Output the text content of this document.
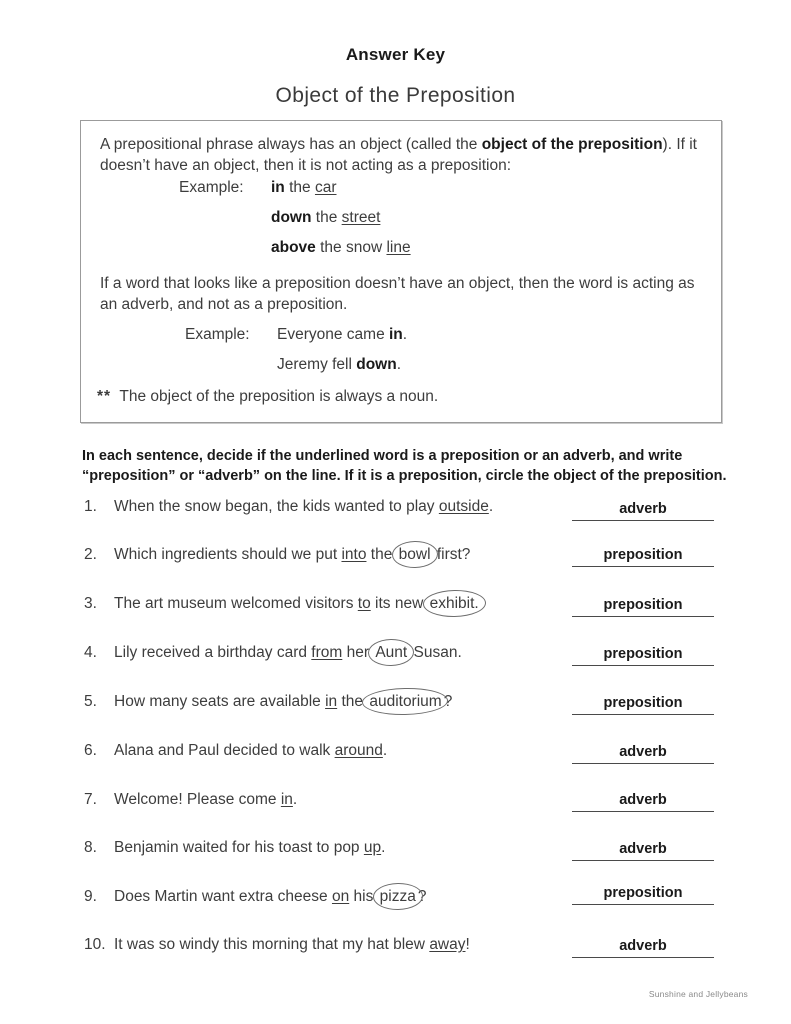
Answer Key
Object of the Preposition
A prepositional phrase always has an object (called the object of the preposition). If it doesn’t have an object, then it is not acting as a preposition:
Example: in the car
down the street
above the snow line
If a word that looks like a preposition doesn’t have an object, then the word is acting as an adverb, and not as a preposition.
Example: Everyone came in.
Jeremy fell down.
** The object of the preposition is always a noun.
In each sentence, decide if the underlined word is a preposition or an adverb, and write “preposition” or “adverb” on the line. If it is a preposition, circle the object of the preposition.
1.	When the snow began, the kids wanted to play outside.	adverb
2.	Which ingredients should we put into the bowl first?	preposition
3.	The art museum welcomed visitors to its new exhibit.	preposition
4.	Lily received a birthday card from her Aunt Susan.	preposition
5.	How many seats are available in the auditorium ?	preposition
6.	Alana and Paul decided to walk around.	adverb
7.	Welcome! Please come in.	adverb
8.	Benjamin waited for his toast to pop up.	adverb
9.	Does Martin want extra cheese on his pizza ?	preposition
10. It was so windy this morning that my hat blew away!	adverb
Sunshine and Jellybeans
